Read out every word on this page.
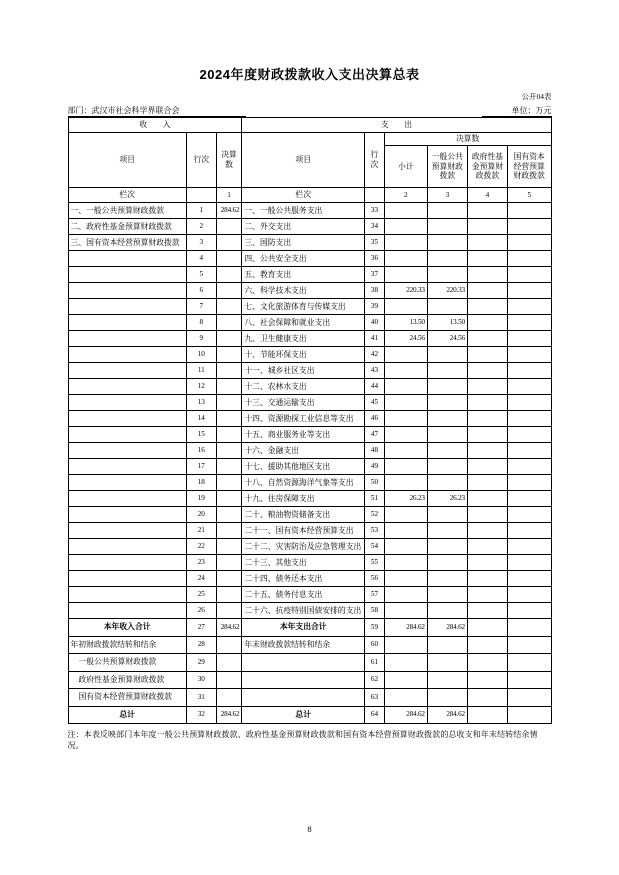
2024年度财政拨款收入支出决算总表
公开04表
部门：武汉市社会科学界联合会	单位：万元
收　　入			支　　出					
项目	行次	决算数	项目	行次	决算数			
					小计	一般公共预算财政拨款	政府性基金预算财政拨款	国有资本经营预算财政拨款
栏次		1	栏次		2	3	4	5
一、一般公共预算财政拨款	1	284.62	一、一般公共服务支出	33				
二、政府性基金预算财政拨款	2		二、外交支出	34				
三、国有资本经营预算财政拨款	3		三、国防支出	35				
	4		四、公共安全支出	36				
	5		五、教育支出	37				
	6		六、科学技术支出	38	220.33	220.33		
	7		七、文化旅游体育与传媒支出	39				
	8		八、社会保障和就业支出	40	13.50	13.50		
	9		九、卫生健康支出	41	24.56	24.56		
	10		十、节能环保支出	42				
	11		十一、城乡社区支出	43				
	12		十二、农林水支出	44				
	13		十三、交通运输支出	45				
	14		十四、资源勘探工业信息等支出	46				
	15		十五、商业服务业等支出	47				
	16		十六、金融支出	48				
	17		十七、援助其他地区支出	49				
	18		十八、自然资源海洋气象等支出	50				
	19		十九、住房保障支出	51	26.23	26.23		
	20		二十、粮油物资储备支出	52				
	21		二十一、国有资本经营预算支出	53				
	22		二十二、灾害防治及应急管理支出	54				
	23		二十三、其他支出	55				
	24		二十四、债务还本支出	56				
	25		二十五、债务付息支出	57				
	26		二十六、抗疫特别国债安排的支出	58				
本年收入合计	27	284.62	本年支出合计	59	284.62	284.62		
年初财政拨款结转和结余	28		年末财政拨款结转和结余	60				
一般公共预算财政拨款	29			61				
政府性基金预算财政拨款	30			62				
国有资本经营预算财政拨款	31			63				
总计	32	284.62	总计	64	284.62	284.62		
注：本表反映部门本年度一般公共预算财政拨款、政府性基金预算财政拨款和国有资本经营预算财政拨款的总收支和年末结转结余情况。
8
